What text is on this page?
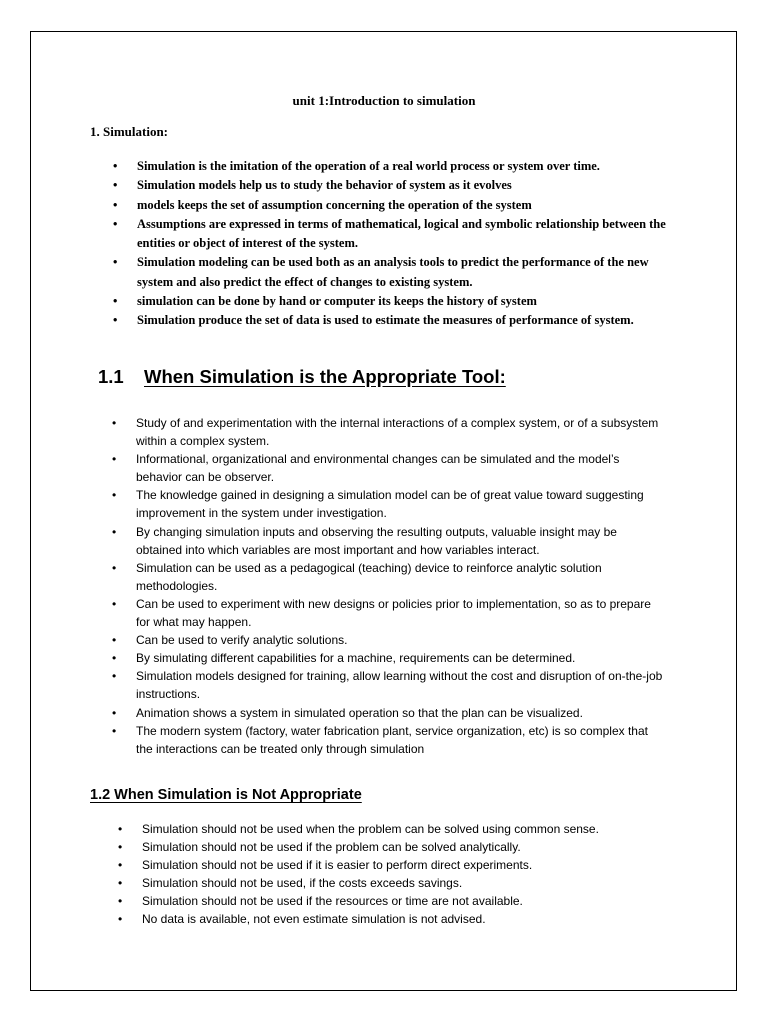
unit 1:Introduction to simulation
1. Simulation:
• Simulation is the imitation of the operation of a real world process or system over time.
• Simulation models help us to study the behavior of system as it evolves
• models keeps the set of assumption concerning the operation of the system
• Assumptions are expressed in terms of mathematical, logical and symbolic relationship between the entities or object of interest of the system.
• Simulation modeling can be used both as an analysis tools to predict the performance of the new system and also predict the effect of changes to existing system.
• simulation can be done by hand or computer its keeps the history of system
• Simulation produce the set of data is used to estimate the measures of performance of system.
1.1 When Simulation is the Appropriate Tool:
• Study of and experimentation with the internal interactions of a complex system, or of a subsystem within a complex system.
• Informational, organizational and environmental changes can be simulated and the model’s behavior can be observer.
• The knowledge gained in designing a simulation model can be of great value toward suggesting improvement in the system under investigation.
• By changing simulation inputs and observing the resulting outputs, valuable insight may be obtained into which variables are most important and how variables interact.
• Simulation can be used as a pedagogical (teaching) device to reinforce analytic solution methodologies.
• Can be used to experiment with new designs or policies prior to implementation, so as to prepare for what may happen.
• Can be used to verify analytic solutions.
• By simulating different capabilities for a machine, requirements can be determined.
• Simulation models designed for training, allow learning without the cost and disruption of on-the-job instructions.
• Animation shows a system in simulated operation so that the plan can be visualized.
• The modern system (factory, water fabrication plant, service organization, etc) is so complex that the interactions can be treated only through simulation
1.2 When Simulation is Not Appropriate
• Simulation should not be used when the problem can be solved using common sense.
• Simulation should not be used if the problem can be solved analytically.
• Simulation should not be used if it is easier to perform direct experiments.
• Simulation should not be used, if the costs exceeds savings.
• Simulation should not be used if the resources or time are not available.
• No data is available, not even estimate simulation is not advised.
